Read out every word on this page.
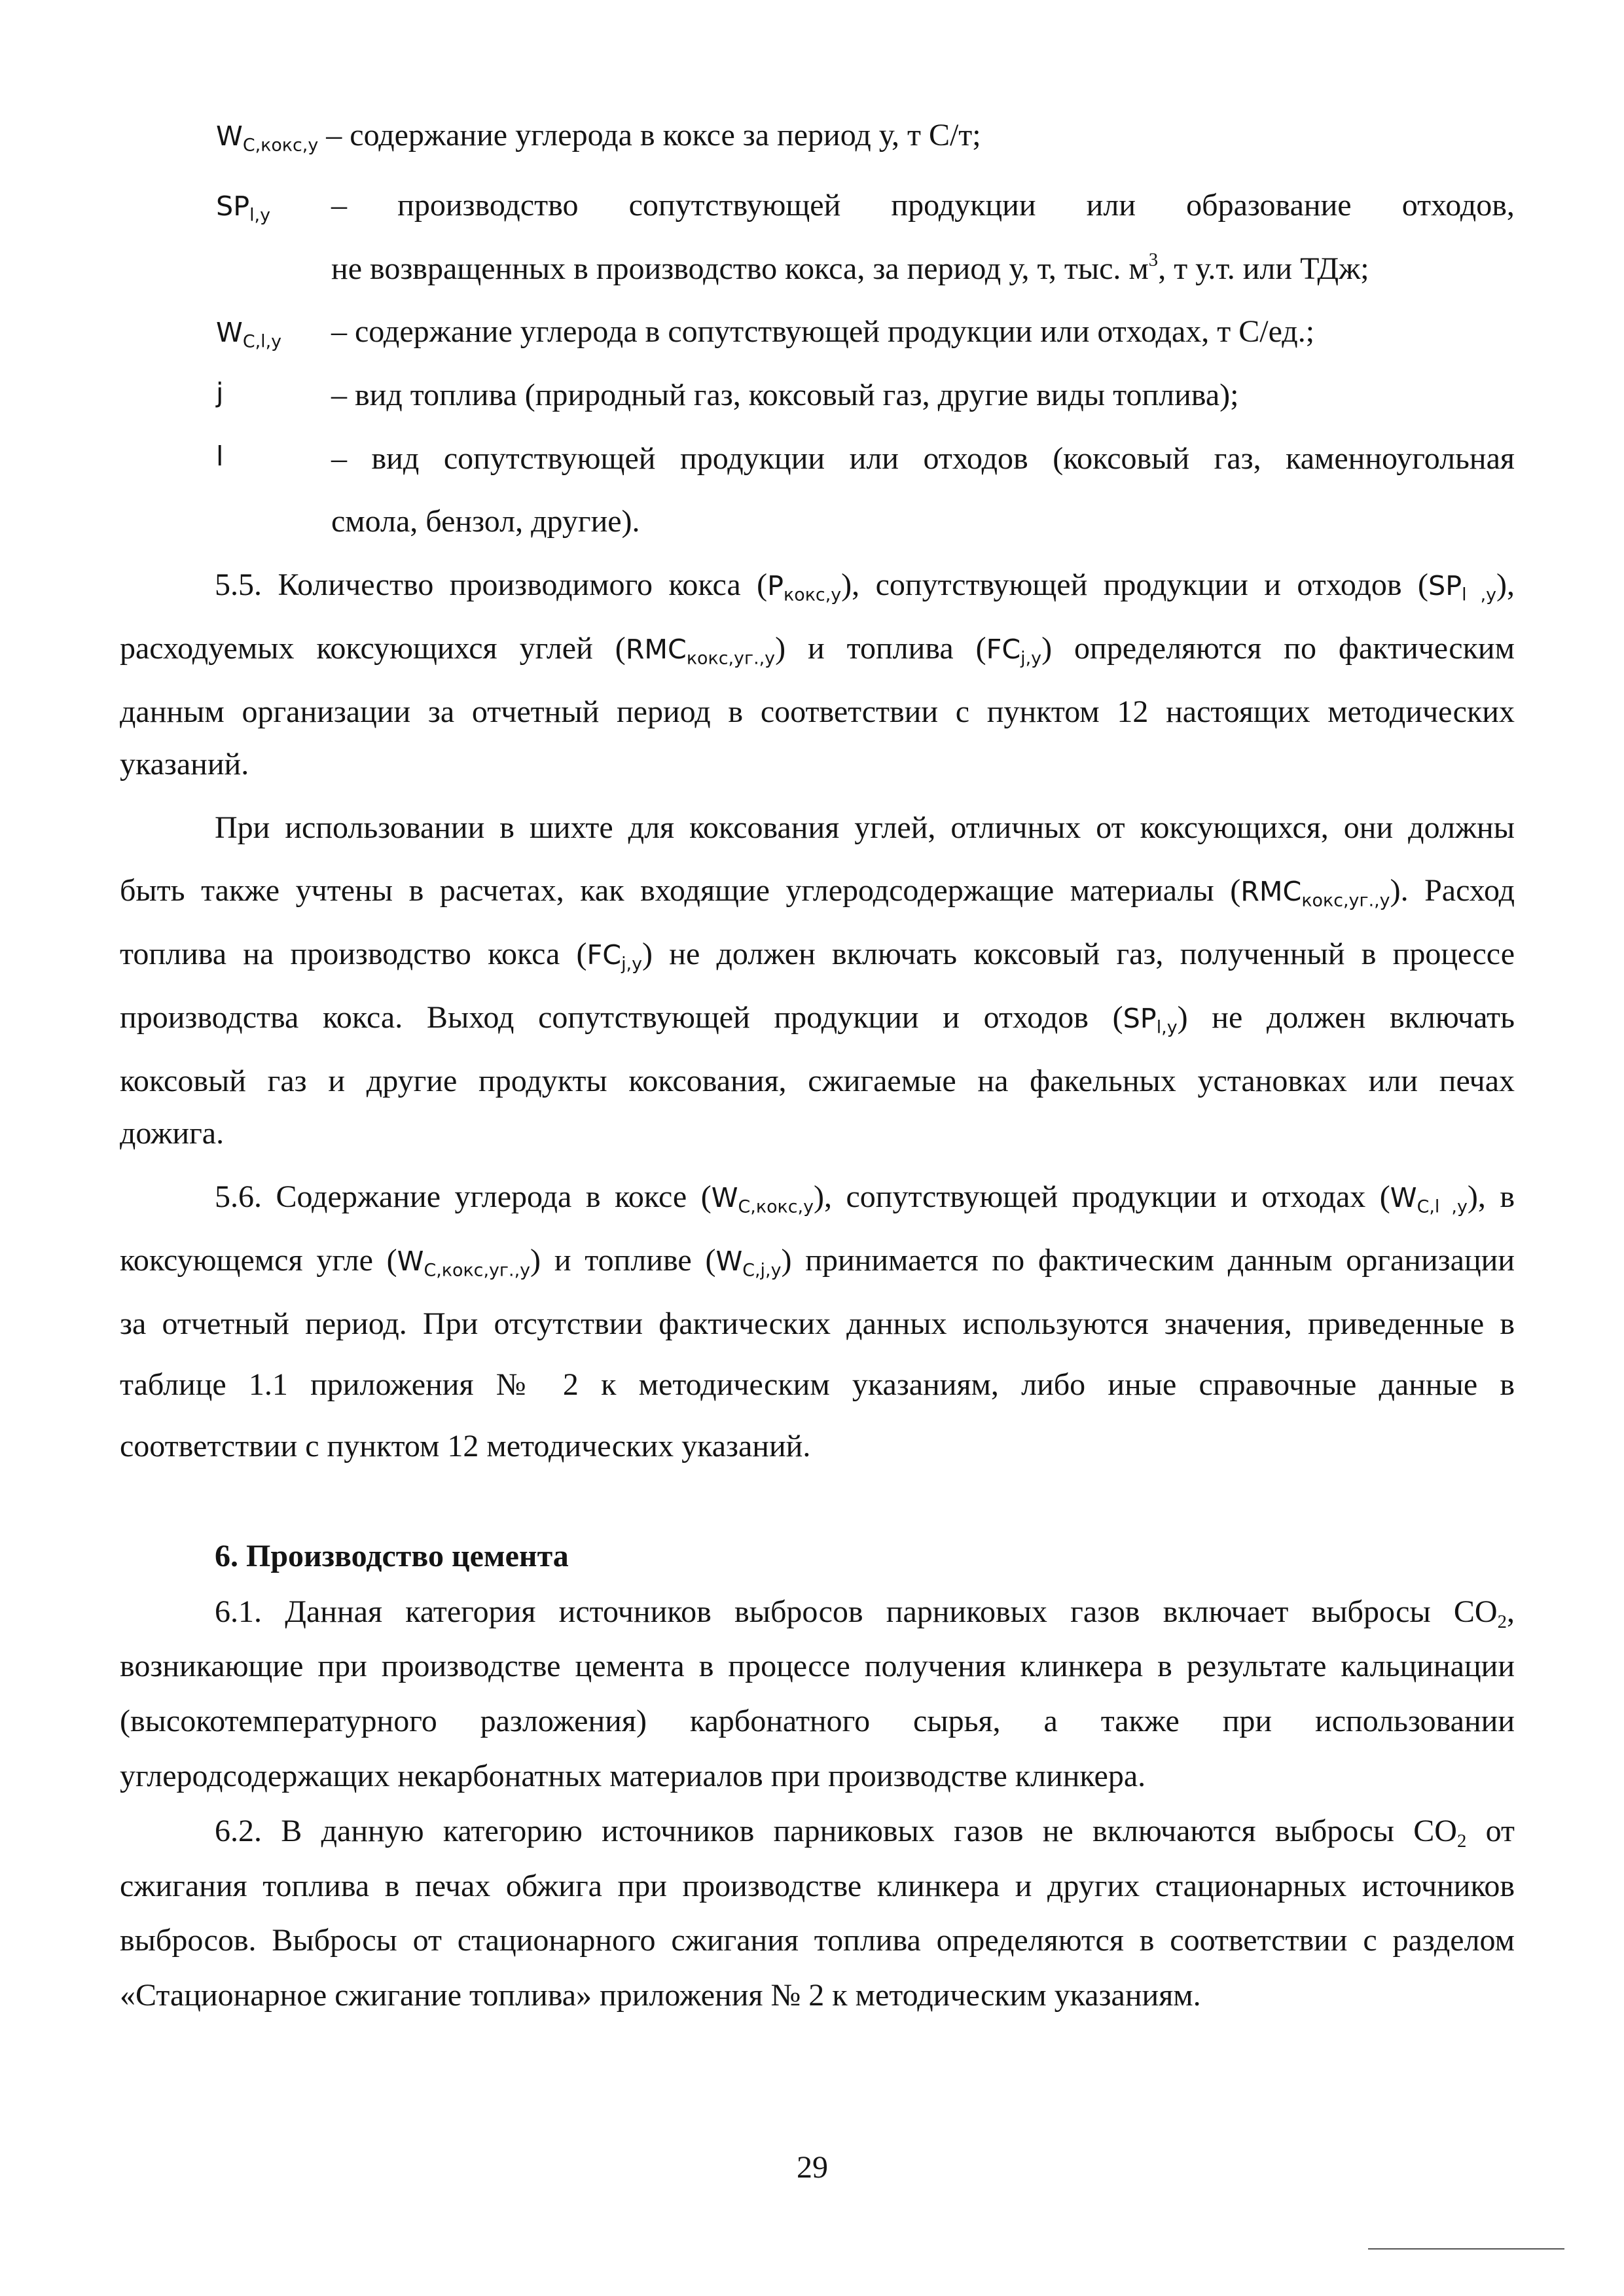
$W_{С,кокс,у}$ – содержание углерода в коксе за период у, т С/т;
$SP_{l,y}$ – производство сопутствующей продукции или образование отходов,
не возвращенных в производство кокса, за период у, т, тыс. $м^3$, т у.т. или ТДж;
$W_{С,l,y}$ – содержание углерода в сопутствующей продукции или отходах, т С/ед.;
j	– вид топлива (природный газ, коксовый газ, другие виды топлива);
l	– вид сопутствующей продукции или отходов (коксовый газ, каменноугольная
смола, бензол, другие).
5.5. Количество производимого кокса $(Р_{кокс,у})$, сопутствующей продукции и отходов $(SP_{l ,y})$,
расходуемых коксующихся углей $(RMC_{кокс,уг.,у})$ и топлива $(FC_{j,y})$ определяются по фактическим
данным организации за отчетный период в соответствии с пунктом 12 настоящих методических
указаний.
При использовании в шихте для коксования углей, отличных от коксующихся, они должны
быть также учтены в расчетах, как входящие углеродсодержащие материалы $(RMC_{кокс,уг.,у})$. Расход
топлива на производство кокса $(FC_{j,y})$ не должен включать коксовый газ, полученный в процессе
производства кокса. Выход сопутствующей продукции и отходов $(SP_{l,y})$ не должен включать
коксовый газ и другие продукты коксования, сжигаемые на факельных установках или печах
дожига.
5.6. Содержание углерода в коксе $(W_{С,кокс,у})$, сопутствующей продукции и отходах $(W_{С,l ,y})$, в
коксующемся угле $(W_{С,кокс,уг.,у})$ и топливе $(W_{С,j,y})$ принимается по фактическим данным организации
за отчетный период. При отсутствии фактических данных используются значения, приведенные в
таблице 1.1 приложения № 2 к методическим указаниям, либо иные справочные данные в
соответствии с пунктом 12 методических указаний.
6. Производство цемента
6.1. Данная категория источников выбросов парниковых газов включает выбросы $CO_2$,
возникающие при производстве цемента в процессе получения клинкера в результате кальцинации
(высокотемпературного разложения) карбонатного сырья, а также при использовании
углеродсодержащих некарбонатных материалов при производстве клинкера.
6.2. В данную категорию источников парниковых газов не включаются выбросы $CO_2$ от
сжигания топлива в печах обжига при производстве клинкера и других стационарных источников
выбросов. Выбросы от стационарного сжигания топлива определяются в соответствии с разделом
«Стационарное сжигание топлива» приложения № 2 к методическим указаниям.
29
